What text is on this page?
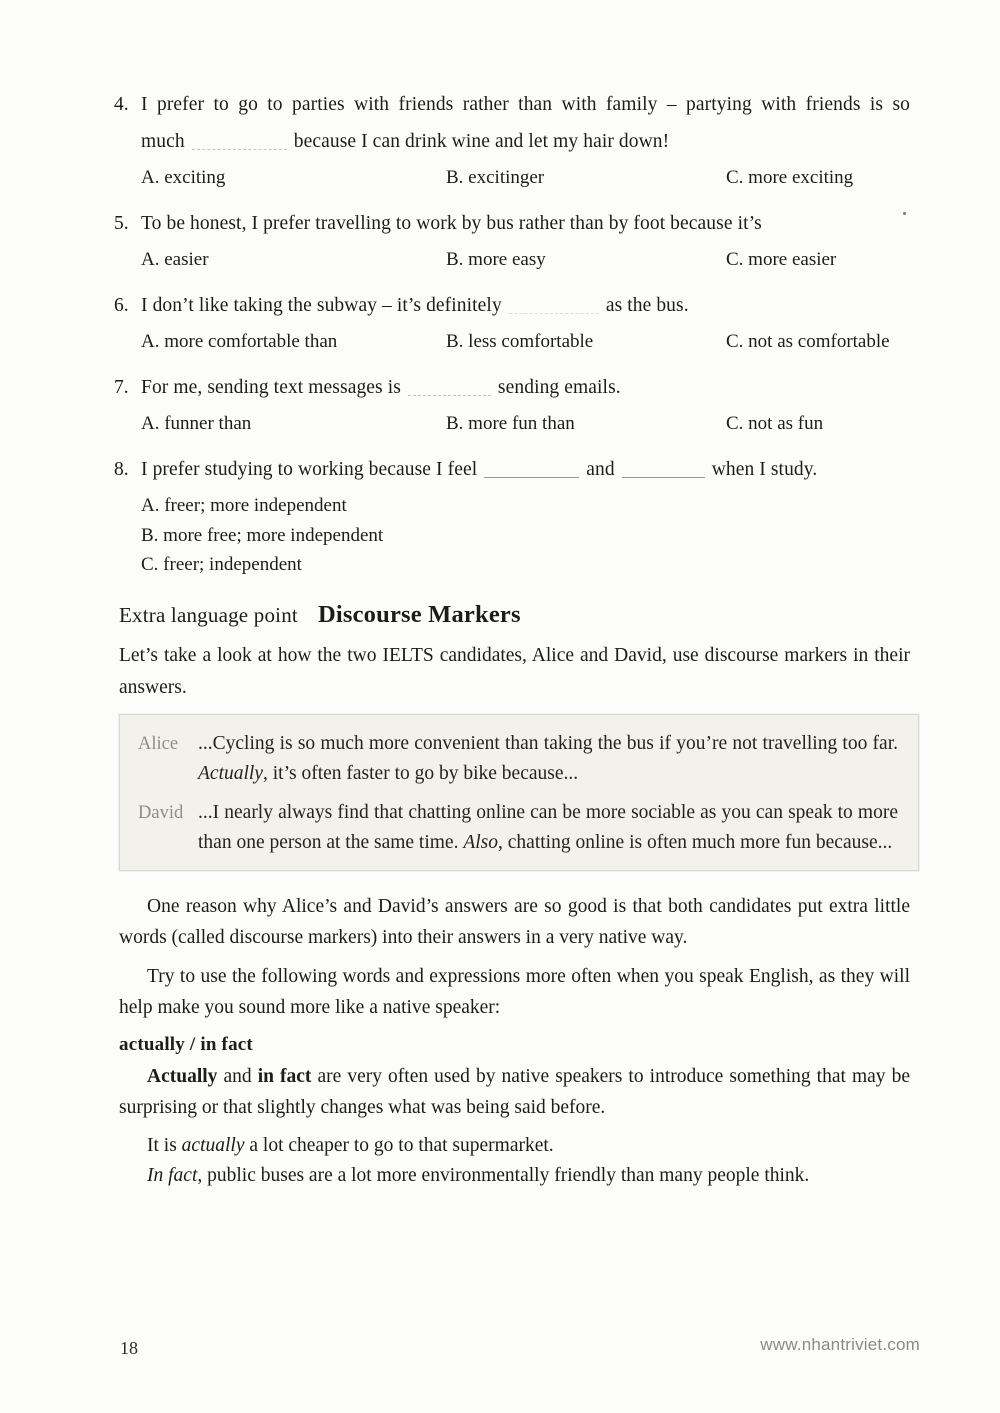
4. I prefer to go to parties with friends rather than with family – partying with friends is so
much	because I can drink wine and let my hair down!
A. exciting	B. excitinger	C. more exciting
5. To be honest, I prefer travelling to work by bus rather than by foot because it’s
A. easier	B. more easy	C. more easier
6. I don’t like taking the subway – it’s definitely	as the bus.
A. more comfortable than	B. less comfortable	C. not as comfortable
7. For me, sending text messages is	sending emails.
A. funner than	B. more fun than	C. not as fun
8. I prefer studying to working because I feel	and	when I study.
A. freer; more independent
B. more free; more independent
C. freer; independent
Extra language point Discourse Markers

Let’s take a look at how the two IELTS candidates, Alice and David, use discourse markers in their answers.

Alice	...Cycling is so much more convenient than taking the bus if you’re not travelling too far. Actually, it’s often faster to go by bike because...
David ...I nearly always find that chatting online can be more sociable as you can speak to more than one person at the same time. Also, chatting online is often much more fun because...

One reason why Alice’s and David’s answers are so good is that both candidates put extra little words (called discourse markers) into their answers in a very native way.

Try to use the following words and expressions more often when you speak English, as they will help make you sound more like a native speaker:

actually / in fact

Actually and in fact are very often used by native speakers to introduce something that may be surprising or that slightly changes what was being said before.

It is actually a lot cheaper to go to that supermarket.

In fact, public buses are a lot more environmentally friendly than many people think.

18	www.nhantriviet.com
